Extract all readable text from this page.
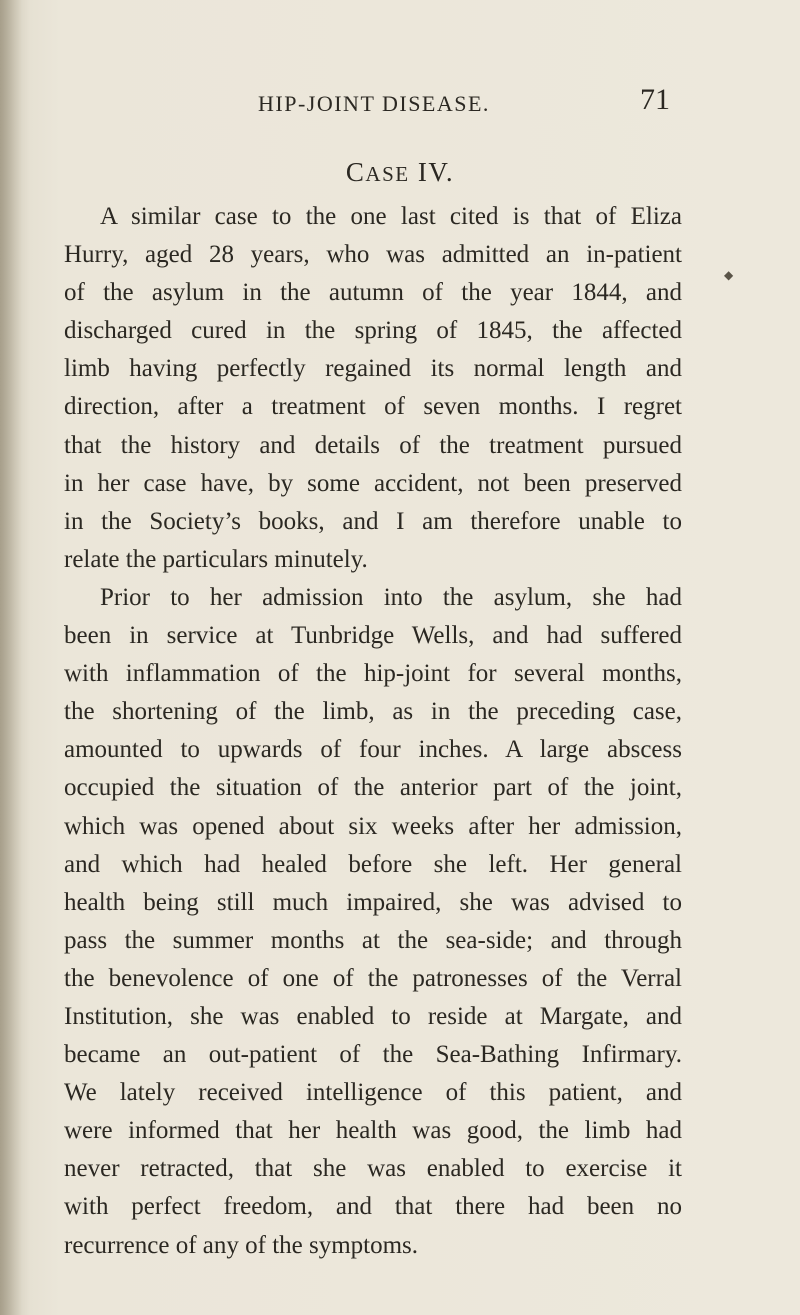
HIP-JOINT DISEASE.	71
CASE IV.
◆
A similar case to the one last cited is that of Eliza
Hurry, aged 28 years, who was admitted an in-patient
of the asylum in the autumn of the year 1844, and
discharged cured in the spring of 1845, the affected
limb having perfectly regained its normal length and
direction, after a treatment of seven months. I regret
that the history and details of the treatment pursued
in her case have, by some accident, not been preserved
in the Society’s books, and I am therefore unable to
relate the particulars minutely.
Prior to her admission into the asylum, she had
been in service at Tunbridge Wells, and had suffered
with inflammation of the hip-joint for several months,
the shortening of the limb, as in the preceding case,
amounted to upwards of four inches. A large abscess
occupied the situation of the anterior part of the joint,
which was opened about six weeks after her admission,
and which had healed before she left. Her general
health being still much impaired, she was advised to
pass the summer months at the sea-side; and through
the benevolence of one of the patronesses of the Verral
Institution, she was enabled to reside at Margate, and
became an out-patient of the Sea-Bathing Infirmary.
We lately received intelligence of this patient, and
were informed that her health was good, the limb had
never retracted, that she was enabled to exercise it
with perfect freedom, and that there had been no
recurrence of any of the symptoms.
